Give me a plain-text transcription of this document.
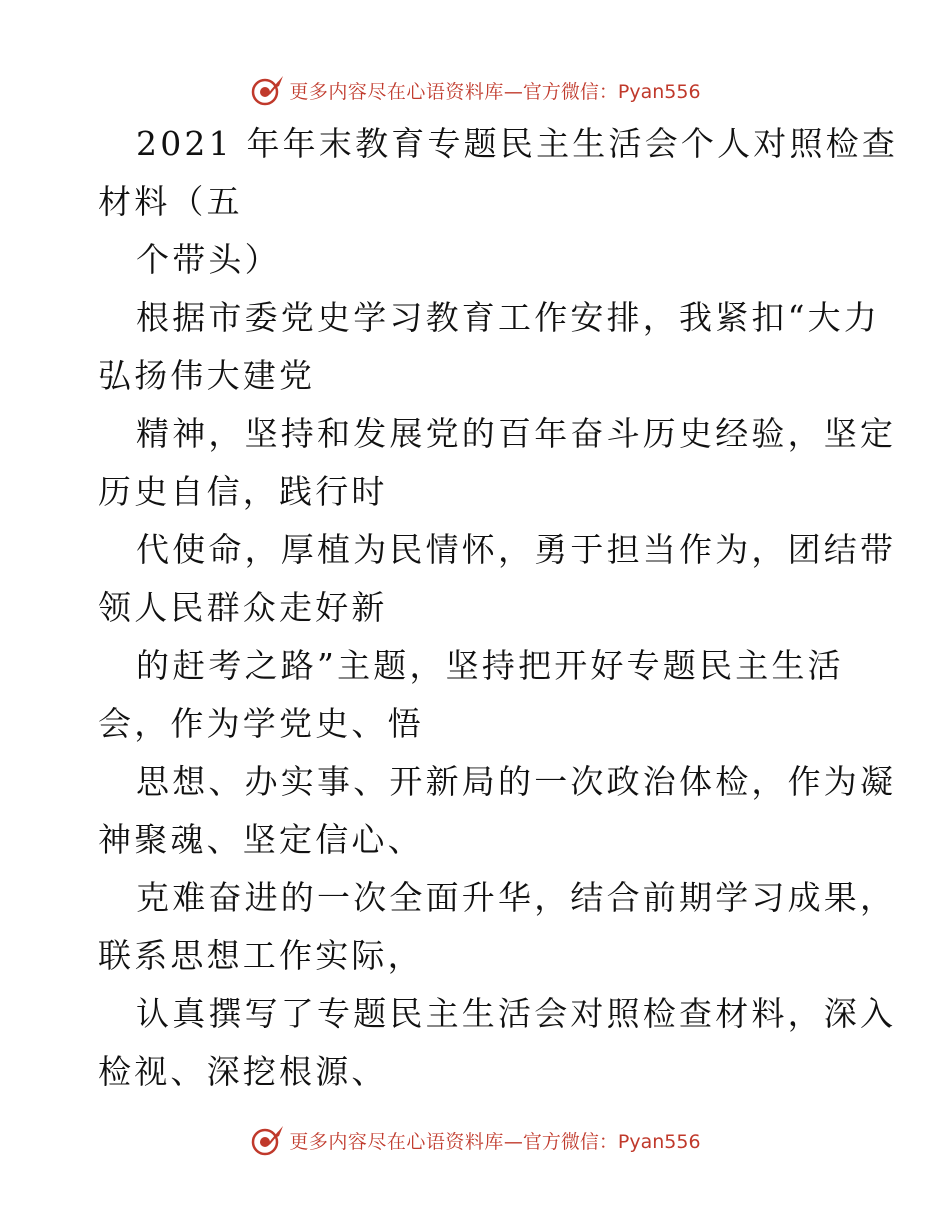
更多内容尽在心语资料库 —官方微信：Pyan556

2021 年年末教育专题民主生活会个人对照检查

材料（五

个带头）

根据市委党史学习教育工作安排，我紧扣“大力

弘扬伟大建党

精神，坚持和发展党的百年奋斗历史经验，坚定

历史自信，践行时

代使命，厚植为民情怀，勇于担当作为，团结带

领人民群众走好新

的赶考之路”主题，坚持把开好专题民主生活

会，作为学党史、悟

思想、办实事、开新局的一次政治体检，作为凝

神聚魂、坚定信心、

克难奋进的一次全面升华，结合前期学习成果，

联系思想工作实际，

认真撰写了专题民主生活会对照检查材料，深入

检视、深挖根源、

更多内容尽在心语资料库 —官方微信：Pyan556
